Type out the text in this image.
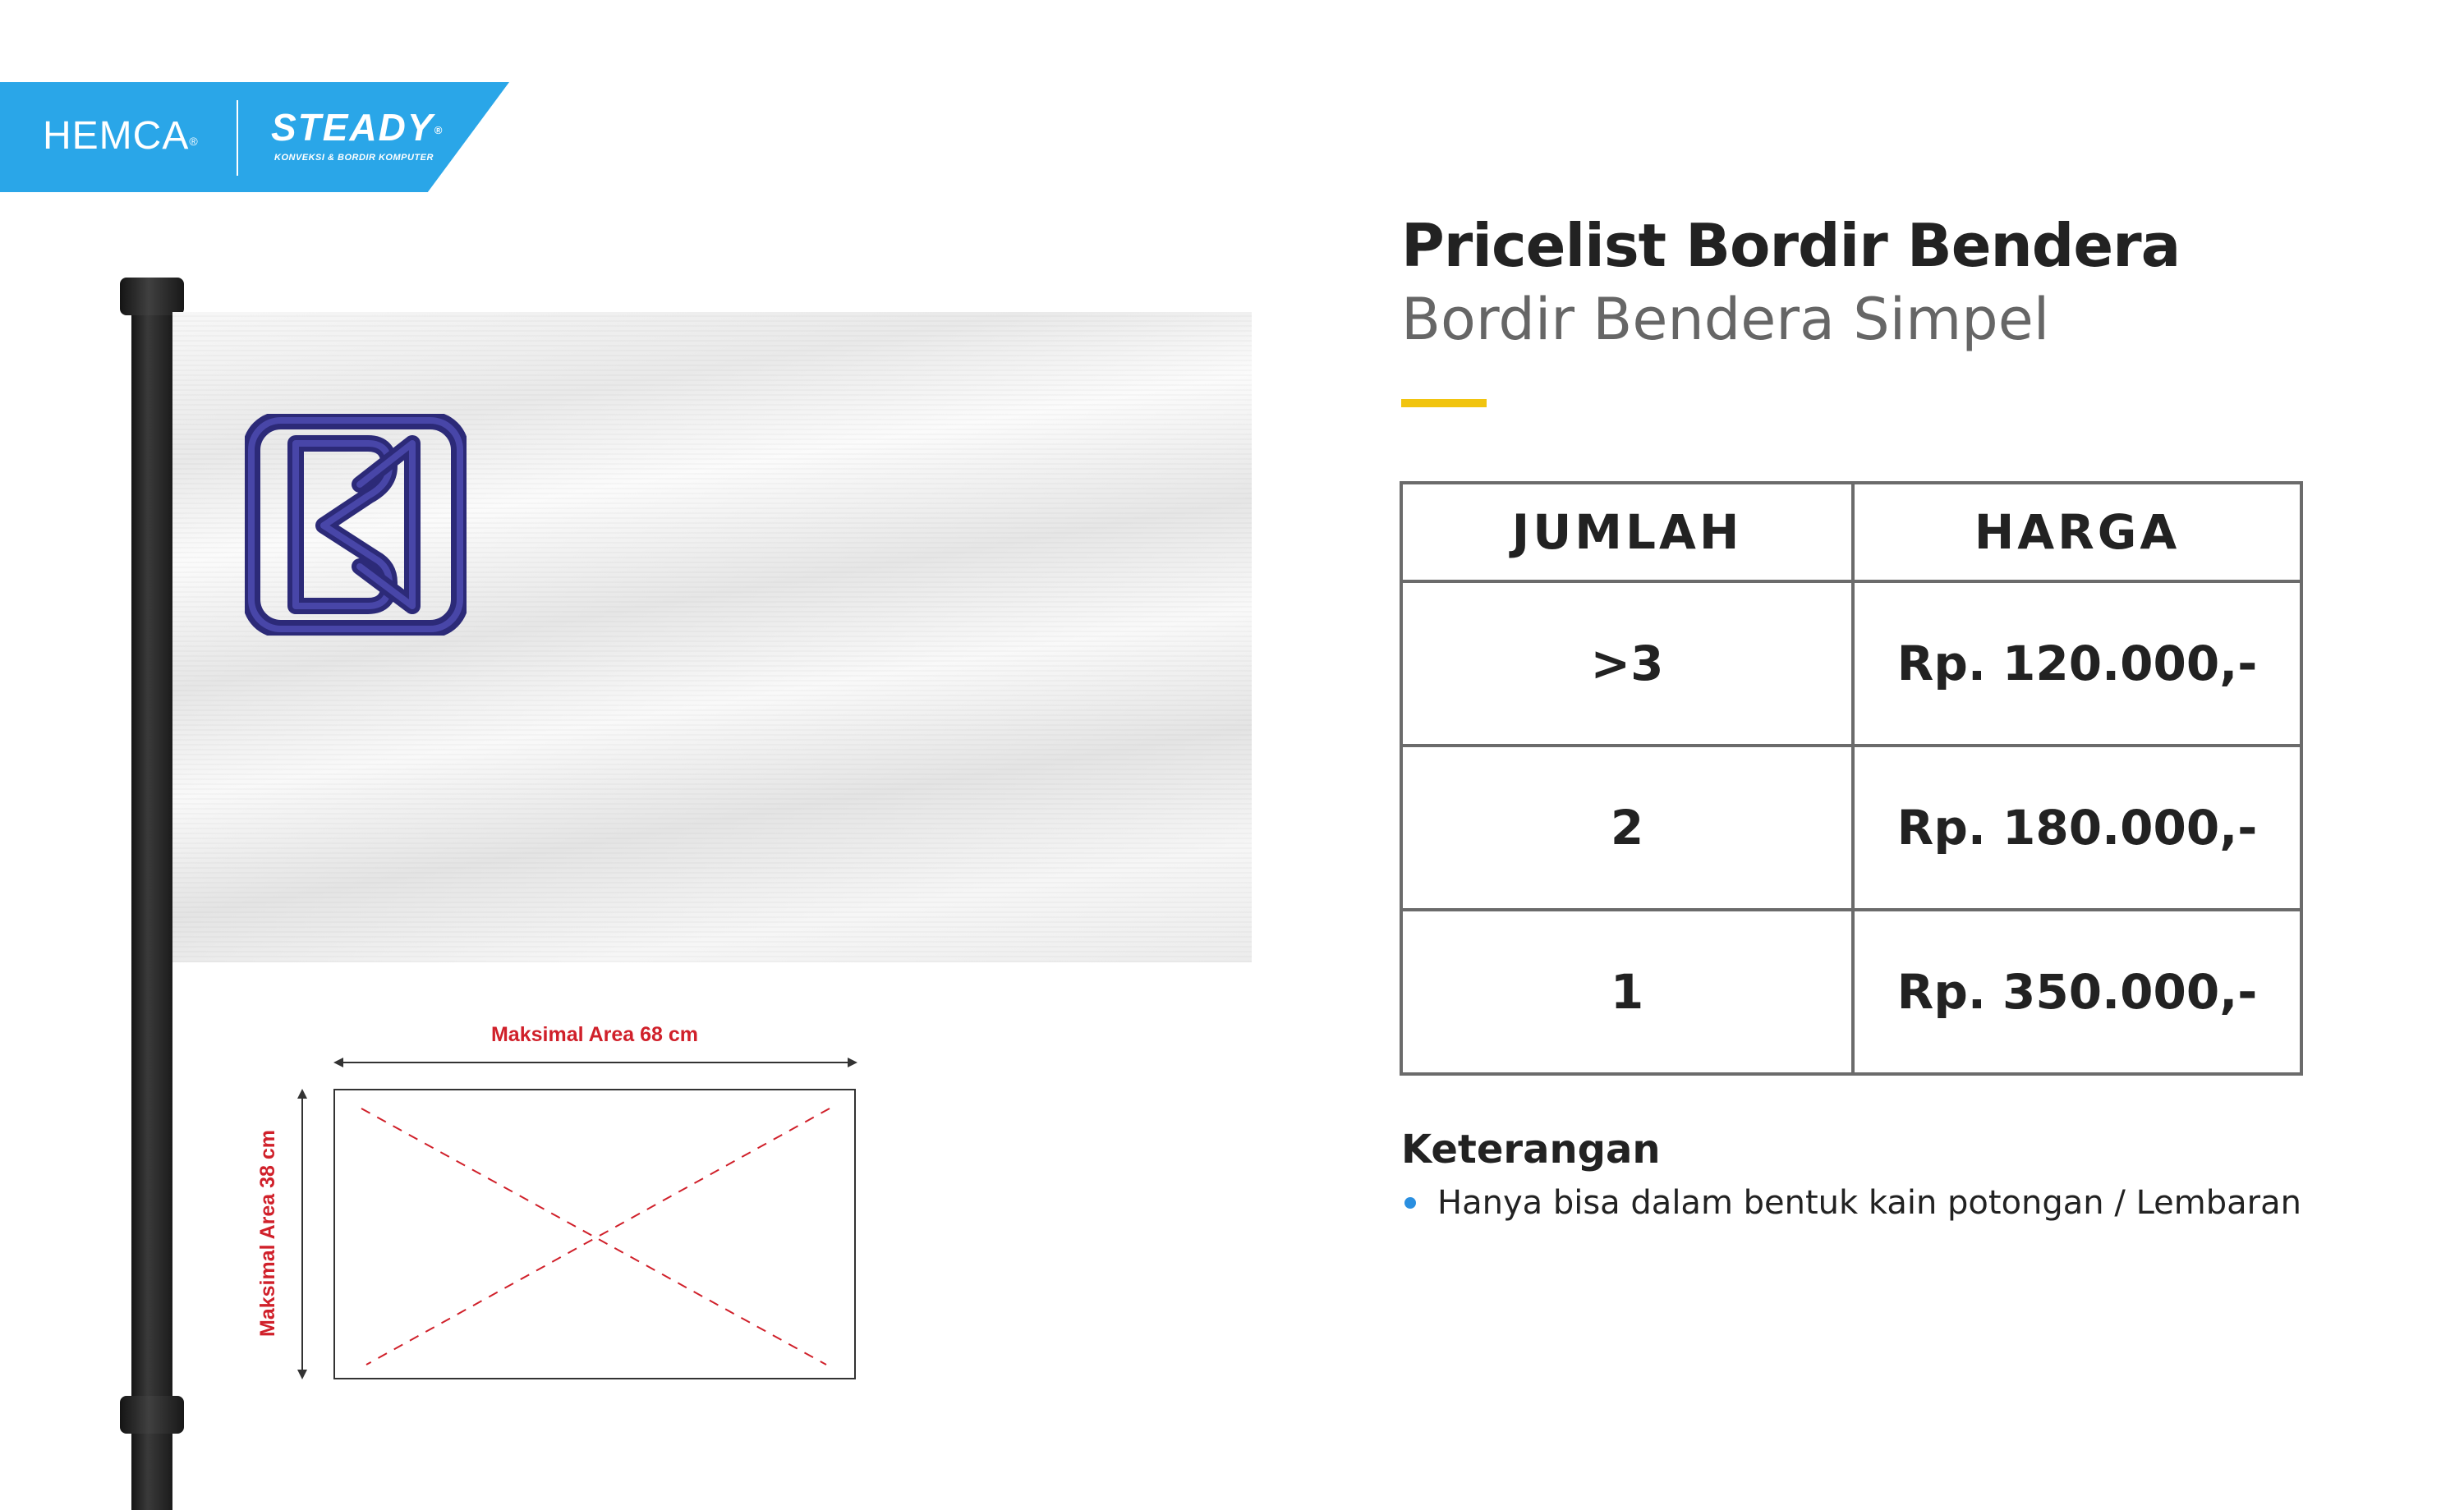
HEMCA® STEADY®
KONVEKSI & BORDIR KOMPUTER
Maksimal Area 68 cm
Maksimal Area 38 cm
Pricelist Bordir Bendera
Bordir Bendera Simpel
JUMLAH	HARGA
>3	Rp. 120.000,-
2	Rp. 180.000,-
1	Rp. 350.000,-
Keterangan
Hanya bisa dalam bentuk kain potongan / Lembaran
